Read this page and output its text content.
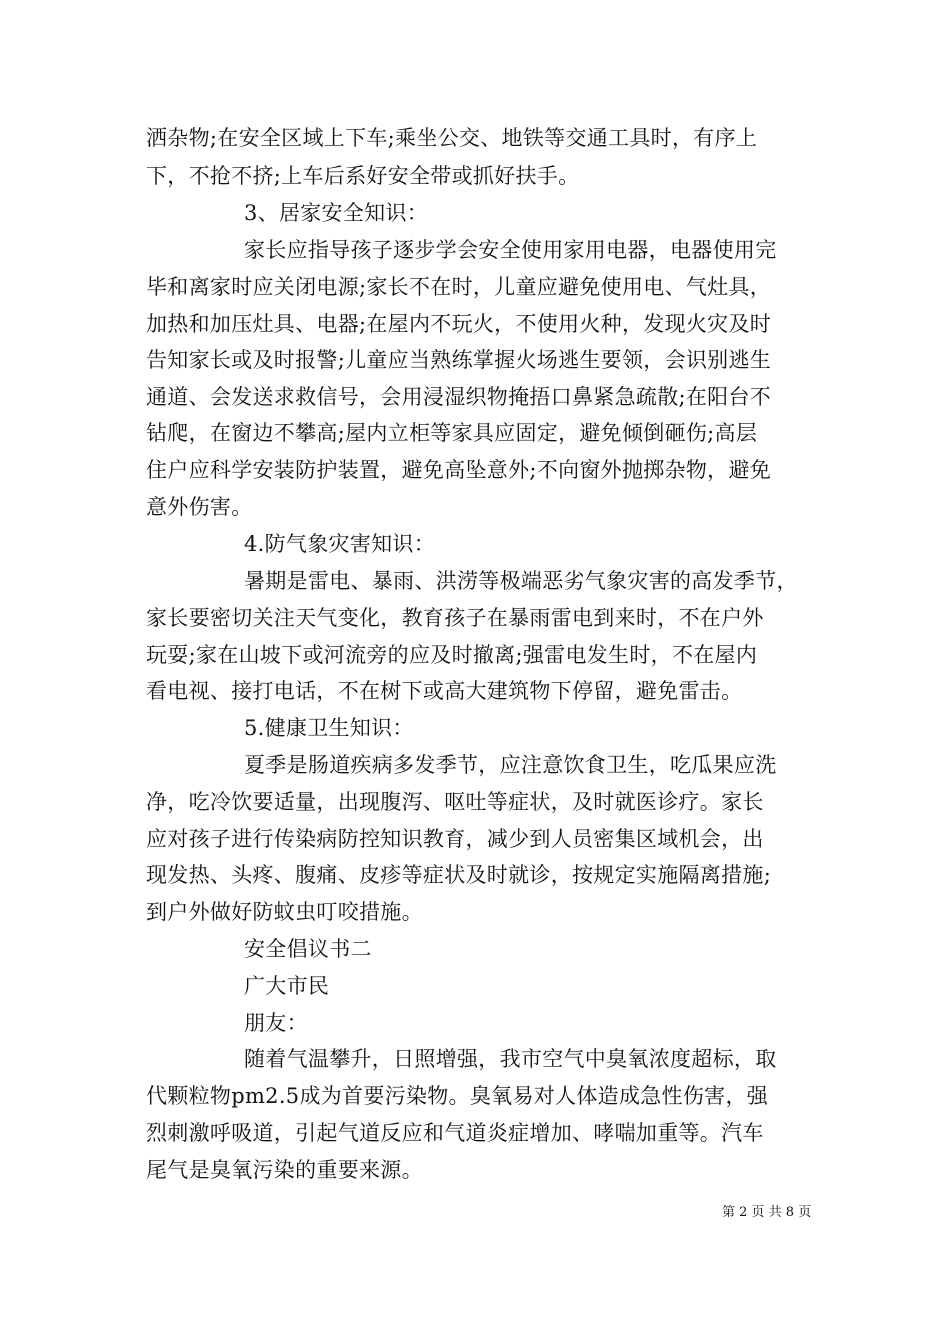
洒杂物;在安全区域上下车;乘坐公交、地铁等交通工具时，有序上
下，不抢不挤;上车后系好安全带或抓好扶手。
3、居家安全知识：
家长应指导孩子逐步学会安全使用家用电器，电器使用完
毕和离家时应关闭电源;家长不在时，儿童应避免使用电、气灶具，
加热和加压灶具、电器;在屋内不玩火，不使用火种，发现火灾及时
告知家长或及时报警;儿童应当熟练掌握火场逃生要领，会识别逃生
通道、会发送求救信号，会用浸湿织物掩捂口鼻紧急疏散;在阳台不
钻爬，在窗边不攀高;屋内立柜等家具应固定，避免倾倒砸伤;高层
住户应科学安装防护装置，避免高坠意外;不向窗外抛掷杂物，避免
意外伤害。
4.防气象灾害知识：
暑期是雷电、暴雨、洪涝等极端恶劣气象灾害的高发季节，
家长要密切关注天气变化，教育孩子在暴雨雷电到来时，不在户外
玩耍;家在山坡下或河流旁的应及时撤离;强雷电发生时，不在屋内
看电视、接打电话，不在树下或高大建筑物下停留，避免雷击。
5.健康卫生知识：
夏季是肠道疾病多发季节，应注意饮食卫生，吃瓜果应洗
净，吃冷饮要适量，出现腹泻、呕吐等症状，及时就医诊疗。家长
应对孩子进行传染病防控知识教育，减少到人员密集区域机会，出
现发热、头疼、腹痛、皮疹等症状及时就诊，按规定实施隔离措施;
到户外做好防蚊虫叮咬措施。
安全倡议书二
广大市民
朋友：
随着气温攀升，日照增强，我市空气中臭氧浓度超标，取
代颗粒物pm2.5成为首要污染物。臭氧易对人体造成急性伤害，强
烈刺激呼吸道，引起气道反应和气道炎症增加、哮喘加重等。汽车
尾气是臭氧污染的重要来源。
第 2 页 共 8 页
